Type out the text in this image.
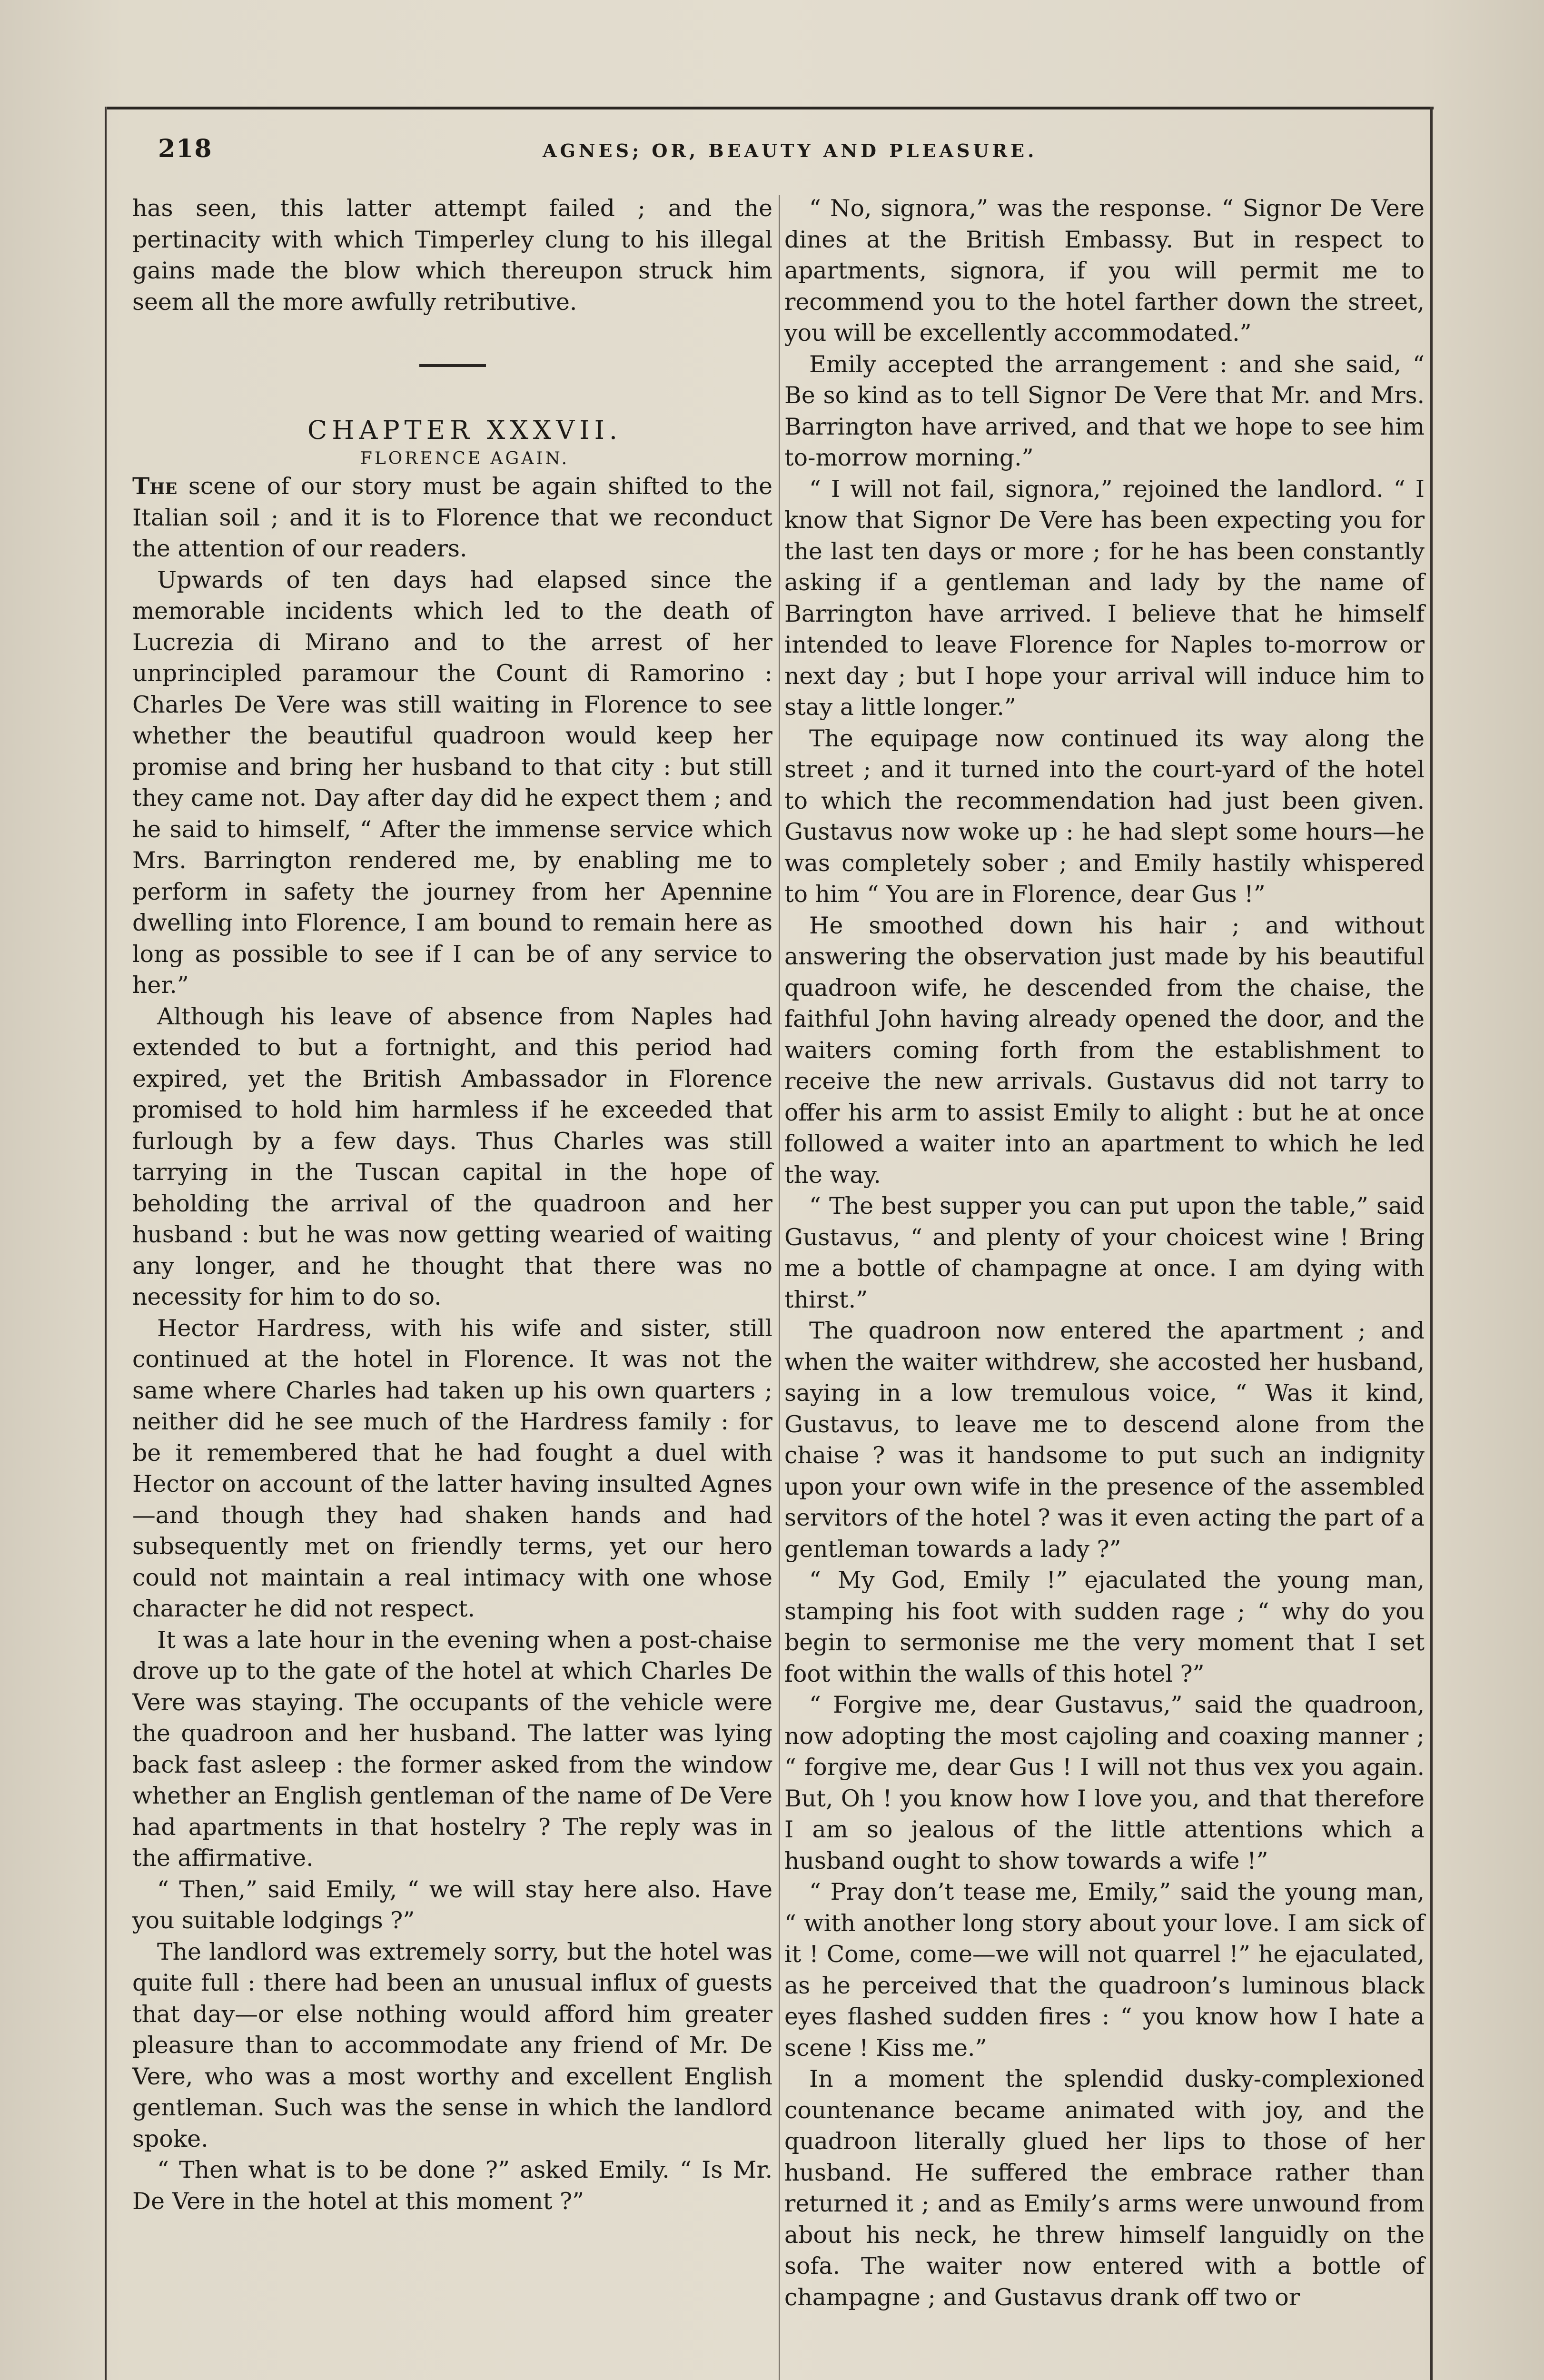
218	AGNES; OR, BEAUTY AND PLEASURE.

has seen, this latter attempt failed ; and the pertinacity with which Timperley clung to his illegal gains made the blow which thereupon struck him seem all the more awfully retributive.

CHAPTER XXXVII.

FLORENCE AGAIN.

The scene of our story must be again shifted to the Italian soil ; and it is to Florence that we reconduct the attention of our readers.

Upwards of ten days had elapsed since the memorable incidents which led to the death of Lucrezia di Mirano and to the arrest of her unprincipled paramour the Count di Ramorino : Charles De Vere was still waiting in Florence to see whether the beautiful quadroon would keep her promise and bring her husband to that city : but still they came not. Day after day did he expect them ; and he said to himself, “ After the immense service which Mrs. Barrington rendered me, by enabling me to perform in safety the journey from her Apennine dwelling into Florence, I am bound to remain here as long as possible to see if I can be of any service to her.”

Although his leave of absence from Naples had extended to but a fortnight, and this period had expired, yet the British Ambassador in Florence promised to hold him harmless if he exceeded that furlough by a few days. Thus Charles was still tarrying in the Tuscan capital in the hope of beholding the arrival of the quadroon and her husband : but he was now getting wearied of waiting any longer, and he thought that there was no necessity for him to do so.

Hector Hardress, with his wife and sister, still continued at the hotel in Florence. It was not the same where Charles had taken up his own quarters ; neither did he see much of the Hardress family : for be it remembered that he had fought a duel with Hector on account of the latter having insulted Agnes—and though they had shaken hands and had subsequently met on friendly terms, yet our hero could not maintain a real intimacy with one whose character he did not respect.

It was a late hour in the evening when a post-chaise drove up to the gate of the hotel at which Charles De Vere was staying. The occupants of the vehicle were the quadroon and her husband. The latter was lying back fast asleep : the former asked from the window whether an English gentleman of the name of De Vere had apartments in that hostelry ? The reply was in the affirmative.

“ Then,” said Emily, “ we will stay here also. Have you suitable lodgings ?”

The landlord was extremely sorry, but the hotel was quite full : there had been an unusual influx of guests that day—or else nothing would afford him greater pleasure than to accommodate any friend of Mr. De Vere, who was a most worthy and excellent English gentleman. Such was the sense in which the landlord spoke.

“ Then what is to be done ?” asked Emily. “ Is Mr. De Vere in the hotel at this moment ?”

“ No, signora,” was the response. “ Signor De Vere dines at the British Embassy. But in respect to apartments, signora, if you will permit me to recommend you to the hotel farther down the street, you will be excellently accommodated.”

Emily accepted the arrangement : and she said, “ Be so kind as to tell Signor De Vere that Mr. and Mrs. Barrington have arrived, and that we hope to see him to-morrow morning.”

“ I will not fail, signora,” rejoined the landlord. “ I know that Signor De Vere has been expecting you for the last ten days or more ; for he has been constantly asking if a gentleman and lady by the name of Barrington have arrived. I believe that he himself intended to leave Florence for Naples to-morrow or next day ; but I hope your arrival will induce him to stay a little longer.”

The equipage now continued its way along the street ; and it turned into the court-yard of the hotel to which the recommendation had just been given. Gustavus now woke up : he had slept some hours—he was completely sober ; and Emily hastily whispered to him “ You are in Florence, dear Gus !”

He smoothed down his hair ; and without answering the observation just made by his beautiful quadroon wife, he descended from the chaise, the faithful John having already opened the door, and the waiters coming forth from the establishment to receive the new arrivals. Gustavus did not tarry to offer his arm to assist Emily to alight : but he at once followed a waiter into an apartment to which he led the way.

“ The best supper you can put upon the table,” said Gustavus, “ and plenty of your choicest wine ! Bring me a bottle of champagne at once. I am dying with thirst.”

The quadroon now entered the apartment ; and when the waiter withdrew, she accosted her husband, saying in a low tremulous voice, “ Was it kind, Gustavus, to leave me to descend alone from the chaise ? was it handsome to put such an indignity upon your own wife in the presence of the assembled servitors of the hotel ? was it even acting the part of a gentleman towards a lady ?”

“ My God, Emily !” ejaculated the young man, stamping his foot with sudden rage ; “ why do you begin to sermonise me the very moment that I set foot within the walls of this hotel ?”

“ Forgive me, dear Gustavus,” said the quadroon, now adopting the most cajoling and coaxing manner ; “ forgive me, dear Gus ! I will not thus vex you again. But, Oh ! you know how I love you, and that therefore I am so jealous of the little attentions which a husband ought to show towards a wife !”

“ Pray don’t tease me, Emily,” said the young man, “ with another long story about your love. I am sick of it ! Come, come—we will not quarrel !” he ejaculated, as he perceived that the quadroon’s luminous black eyes flashed sudden fires : “ you know how I hate a scene ! Kiss me.”

In a moment the splendid dusky-complexioned countenance became animated with joy, and the quadroon literally glued her lips to those of her husband. He suffered the embrace rather than returned it ; and as Emily’s arms were unwound from about his neck, he threw himself languidly on the sofa. The waiter now entered with a bottle of champagne ; and Gustavus drank off two or
